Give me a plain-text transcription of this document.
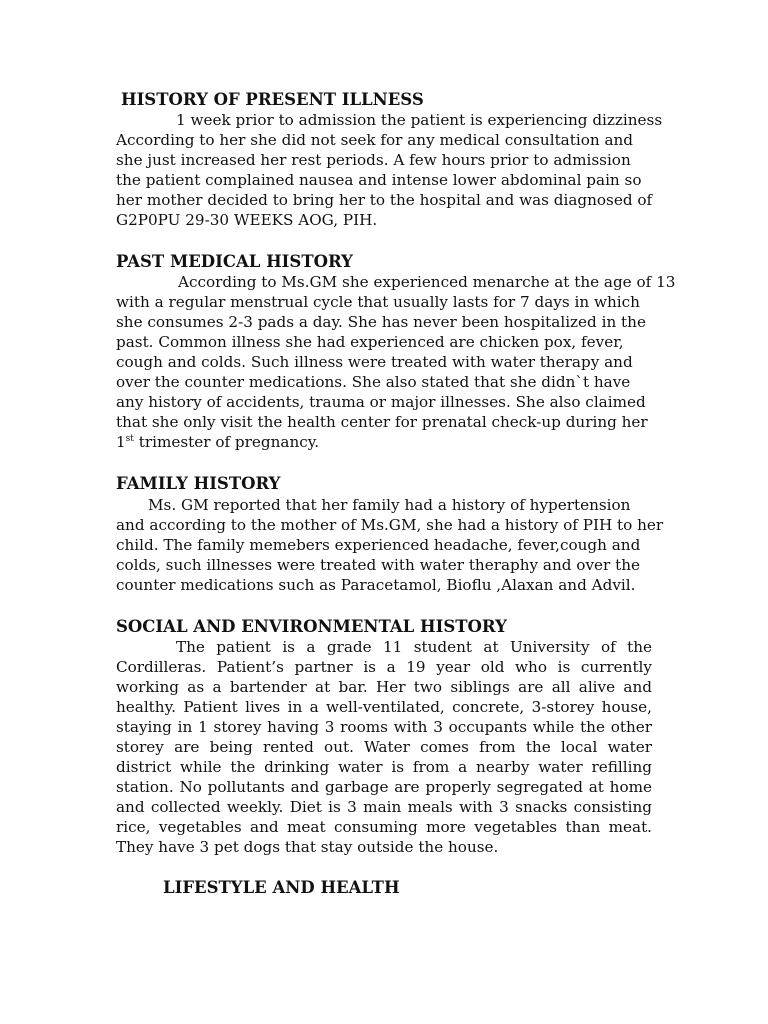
HISTORY OF PRESENT ILLNESS
1 week prior to admission the patient is experiencing dizziness
According to her she did not seek for any medical consultation and
she just increased her rest periods. A few hours prior to admission
the patient complained nausea and intense lower abdominal pain so
her mother decided to bring her to the hospital and was diagnosed of
G2P0PU 29-30 WEEKS AOG, PIH.
PAST MEDICAL HISTORY
According to Ms.GM she experienced menarche at the age of 13
with a regular menstrual cycle that usually lasts for 7 days in which
she consumes 2-3 pads a day. She has never been hospitalized in the
past. Common illness she had experienced are chicken pox, fever,
cough and colds. Such illness were treated with water therapy and
over the counter medications. She also stated that she didn`t have
any history of accidents, trauma or major illnesses. She also claimed
that she only visit the health center for prenatal check-up during her
1st trimester of pregnancy.
FAMILY HISTORY
Ms. GM reported that her family had a history of hypertension
and according to the mother of Ms.GM, she had a history of PIH to her
child. The family memebers experienced headache, fever,cough and
colds, such illnesses were treated with water theraphy and over the
counter medications such as Paracetamol, Bioflu ,Alaxan and Advil.
SOCIAL AND ENVIRONMENTAL HISTORY
The patient is a grade 11 student at University of the
Cordilleras. Patient’s partner is a 19 year old who is currently
working as a bartender at bar. Her two siblings are all alive and
healthy. Patient lives in a well-ventilated, concrete, 3-storey house,
staying in 1 storey having 3 rooms with 3 occupants while the other
storey are being rented out. Water comes from the local water
district while the drinking water is from a nearby water refilling
station. No pollutants and garbage are properly segregated at home
and collected weekly. Diet is 3 main meals with 3 snacks consisting
rice, vegetables and meat consuming more vegetables than meat.
They have 3 pet dogs that stay outside the house.
LIFESTYLE AND HEALTH
